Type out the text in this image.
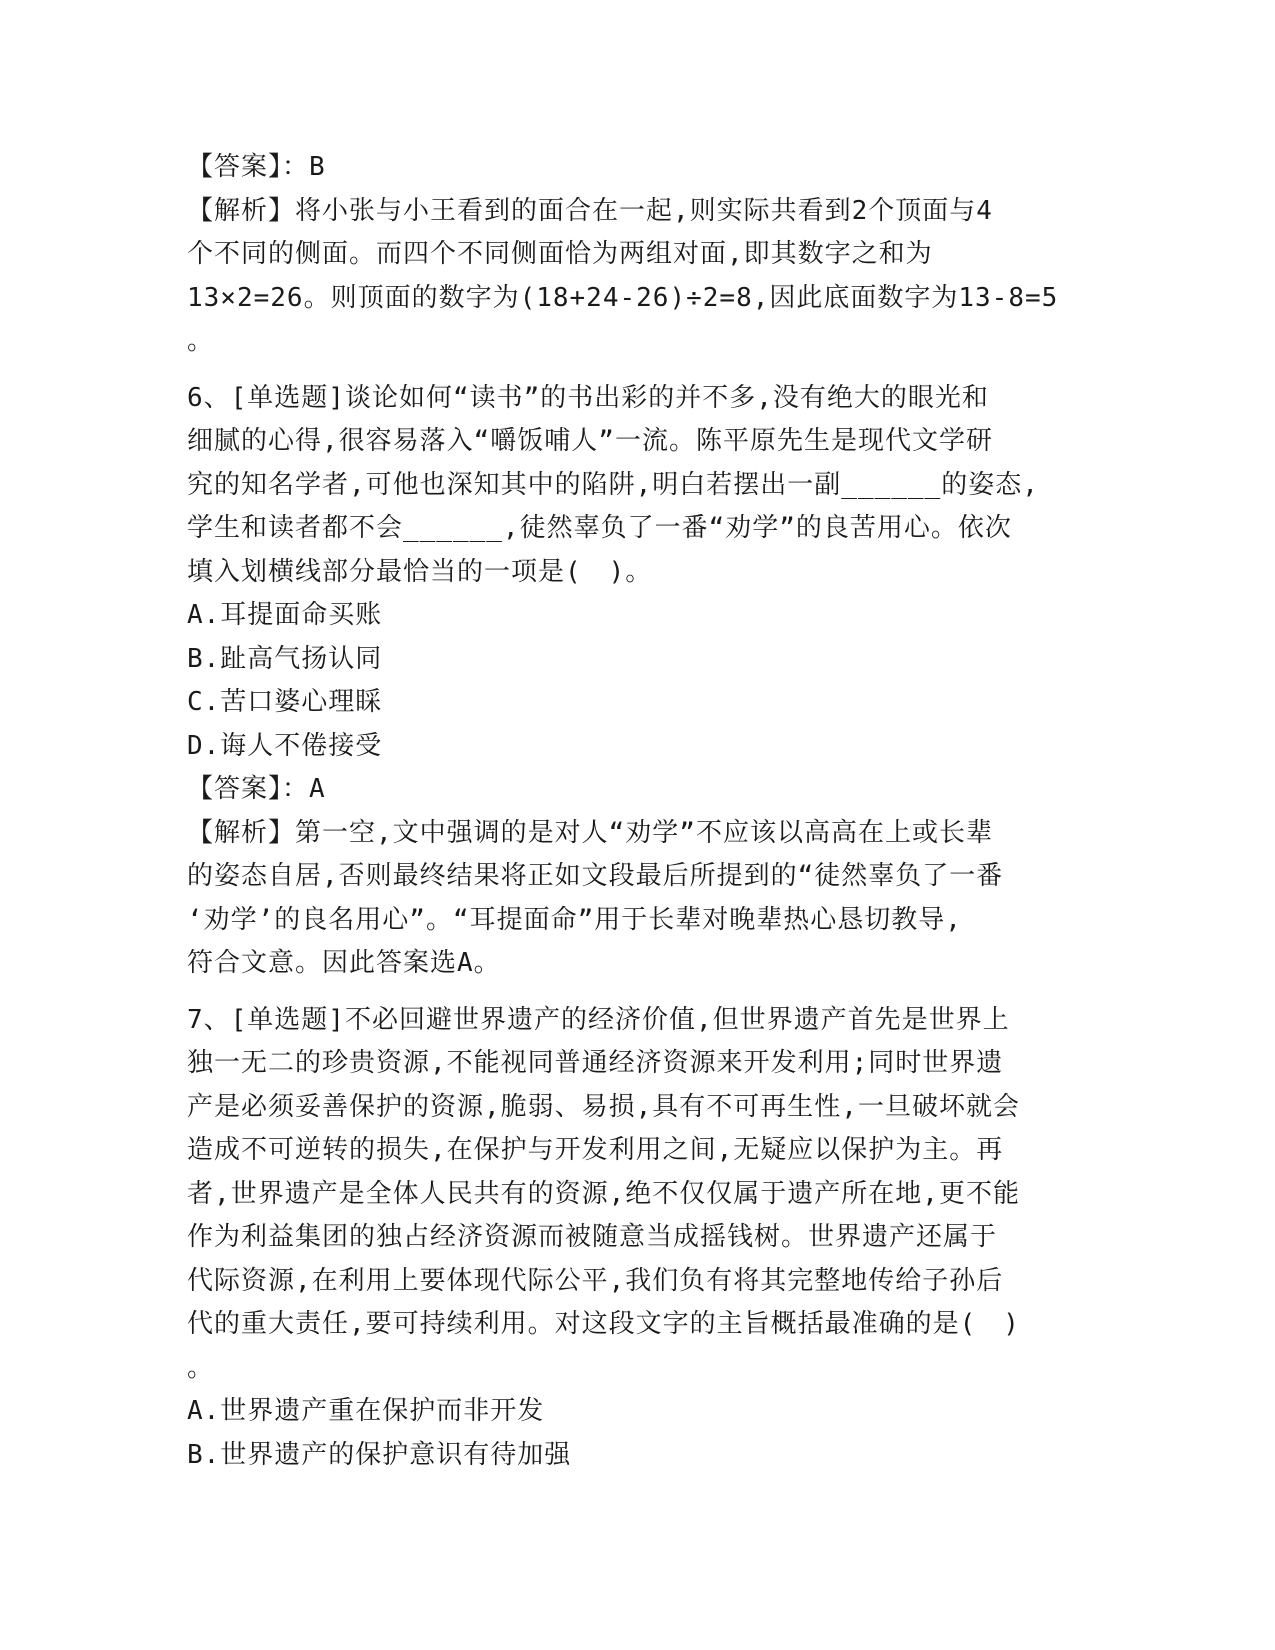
【答案】：B
【解析】将小张与小王看到的面合在一起,则实际共看到2个顶面与4
个不同的侧面。而四个不同侧面恰为两组对面,即其数字之和为
13×2=26。则顶面的数字为(18+24-26)÷2=8,因此底面数字为13-8=5
。
6、[单选题]谈论如何“读书”的书出彩的并不多,没有绝大的眼光和
细腻的心得,很容易落入“嚼饭哺人”一流。陈平原先生是现代文学研
究的知名学者,可他也深知其中的陷阱,明白若摆出一副______的姿态,
学生和读者都不会______,徒然辜负了一番“劝学”的良苦用心。依次
填入划横线部分最恰当的一项是(　)。
A.耳提面命买账
B.趾高气扬认同
C.苦口婆心理睬
D.诲人不倦接受
【答案】：A
【解析】第一空,文中强调的是对人“劝学”不应该以高高在上或长辈
的姿态自居,否则最终结果将正如文段最后所提到的“徒然辜负了一番
‘劝学’的良名用心”。“耳提面命”用于长辈对晚辈热心恳切教导,
符合文意。因此答案选A。
7、[单选题]不必回避世界遗产的经济价值,但世界遗产首先是世界上
独一无二的珍贵资源,不能视同普通经济资源来开发利用;同时世界遗
产是必须妥善保护的资源,脆弱、易损,具有不可再生性,一旦破坏就会
造成不可逆转的损失,在保护与开发利用之间,无疑应以保护为主。再
者,世界遗产是全体人民共有的资源,绝不仅仅属于遗产所在地,更不能
作为利益集团的独占经济资源而被随意当成摇钱树。世界遗产还属于
代际资源,在利用上要体现代际公平,我们负有将其完整地传给子孙后
代的重大责任,要可持续利用。对这段文字的主旨概括最准确的是(　)
。
A.世界遗产重在保护而非开发
B.世界遗产的保护意识有待加强
